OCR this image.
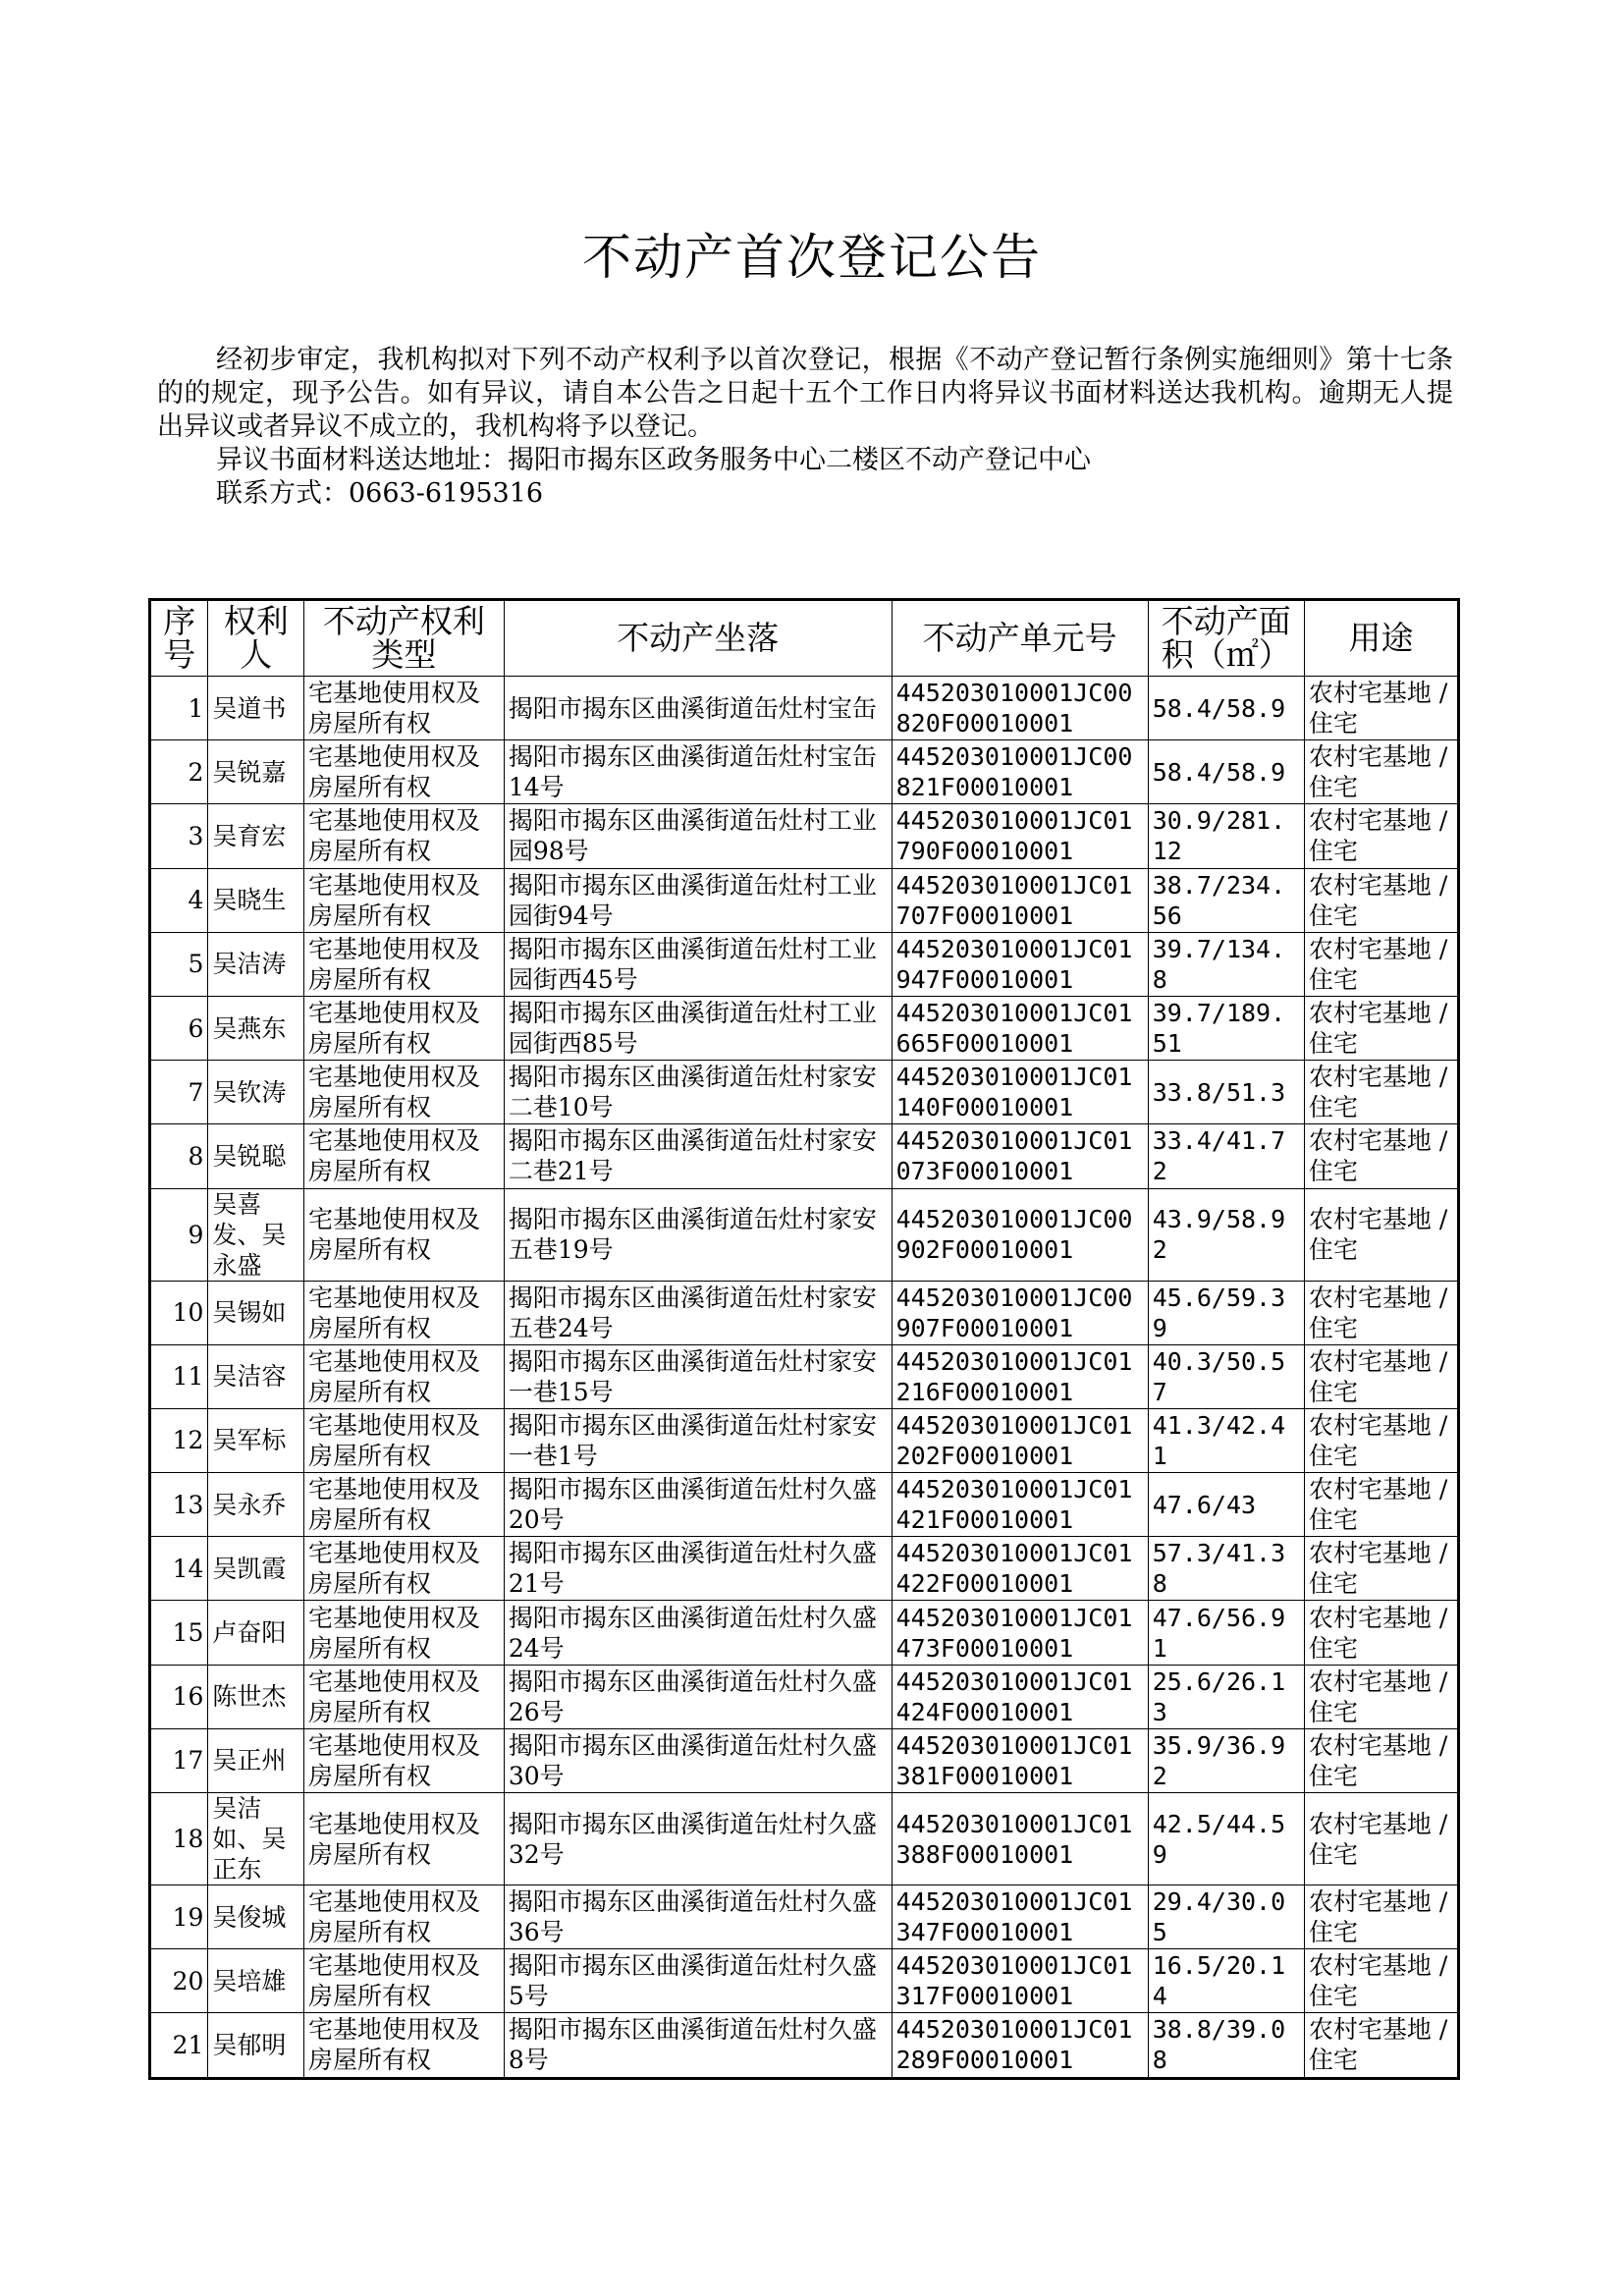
不动产首次登记公告

经初步审定，我机构拟对下列不动产权利予以首次登记，根据《不动产登记暂行条例实施细则》第十七条的的规定，现予公告。如有异议，请自本公告之日起十五个工作日内将异议书面材料送达我机构。逾期无人提出异议或者异议不成立的，我机构将予以登记。

异议书面材料送达地址：揭阳市揭东区政务服务中心二楼区不动产登记中心

联系方式：0663-6195316

序号	权利人	不动产权利类型	不动产坐落	不动产单元号	不动产面积（㎡）	用途
1	吴道书	宅基地使用权及房屋所有权	揭阳市揭东区曲溪街道缶灶村宝缶	445203010001JC00820F00010001	58.4/58.9	农村宅基地 / 住宅
2	吴锐嘉	宅基地使用权及房屋所有权	揭阳市揭东区曲溪街道缶灶村宝缶14号	445203010001JC00821F00010001	58.4/58.9	农村宅基地 / 住宅
3	吴育宏	宅基地使用权及房屋所有权	揭阳市揭东区曲溪街道缶灶村工业园98号	445203010001JC01790F00010001	30.9/281.12	农村宅基地 / 住宅
4	吴晓生	宅基地使用权及房屋所有权	揭阳市揭东区曲溪街道缶灶村工业园街94号	445203010001JC01707F00010001	38.7/234.56	农村宅基地 / 住宅
5	吴洁涛	宅基地使用权及房屋所有权	揭阳市揭东区曲溪街道缶灶村工业园街西45号	445203010001JC01947F00010001	39.7/134.8	农村宅基地 / 住宅
6	吴燕东	宅基地使用权及房屋所有权	揭阳市揭东区曲溪街道缶灶村工业园街西85号	445203010001JC01665F00010001	39.7/189.51	农村宅基地 / 住宅
7	吴钦涛	宅基地使用权及房屋所有权	揭阳市揭东区曲溪街道缶灶村家安二巷10号	445203010001JC01140F00010001	33.8/51.3	农村宅基地 / 住宅
8	吴锐聪	宅基地使用权及房屋所有权	揭阳市揭东区曲溪街道缶灶村家安二巷21号	445203010001JC01073F00010001	33.4/41.72	农村宅基地 / 住宅
9	吴喜发、吴永盛	宅基地使用权及房屋所有权	揭阳市揭东区曲溪街道缶灶村家安五巷19号	445203010001JC00902F00010001	43.9/58.92	农村宅基地 / 住宅
10	吴锡如	宅基地使用权及房屋所有权	揭阳市揭东区曲溪街道缶灶村家安五巷24号	445203010001JC00907F00010001	45.6/59.39	农村宅基地 / 住宅
11	吴洁容	宅基地使用权及房屋所有权	揭阳市揭东区曲溪街道缶灶村家安一巷15号	445203010001JC01216F00010001	40.3/50.57	农村宅基地 / 住宅
12	吴军标	宅基地使用权及房屋所有权	揭阳市揭东区曲溪街道缶灶村家安一巷1号	445203010001JC01202F00010001	41.3/42.41	农村宅基地 / 住宅
13	吴永乔	宅基地使用权及房屋所有权	揭阳市揭东区曲溪街道缶灶村久盛20号	445203010001JC01421F00010001	47.6/43	农村宅基地 / 住宅
14	吴凯霞	宅基地使用权及房屋所有权	揭阳市揭东区曲溪街道缶灶村久盛21号	445203010001JC01422F00010001	57.3/41.38	农村宅基地 / 住宅
15	卢奋阳	宅基地使用权及房屋所有权	揭阳市揭东区曲溪街道缶灶村久盛24号	445203010001JC01473F00010001	47.6/56.91	农村宅基地 / 住宅
16	陈世杰	宅基地使用权及房屋所有权	揭阳市揭东区曲溪街道缶灶村久盛26号	445203010001JC01424F00010001	25.6/26.13	农村宅基地 / 住宅
17	吴正州	宅基地使用权及房屋所有权	揭阳市揭东区曲溪街道缶灶村久盛30号	445203010001JC01381F00010001	35.9/36.92	农村宅基地 / 住宅
18	吴洁如、吴正东	宅基地使用权及房屋所有权	揭阳市揭东区曲溪街道缶灶村久盛32号	445203010001JC01388F00010001	42.5/44.59	农村宅基地 / 住宅
19	吴俊城	宅基地使用权及房屋所有权	揭阳市揭东区曲溪街道缶灶村久盛36号	445203010001JC01347F00010001	29.4/30.05	农村宅基地 / 住宅
20	吴培雄	宅基地使用权及房屋所有权	揭阳市揭东区曲溪街道缶灶村久盛5号	445203010001JC01317F00010001	16.5/20.14	农村宅基地 / 住宅
21	吴郁明	宅基地使用权及房屋所有权	揭阳市揭东区曲溪街道缶灶村久盛8号	445203010001JC01289F00010001	38.8/39.08	农村宅基地 / 住宅
